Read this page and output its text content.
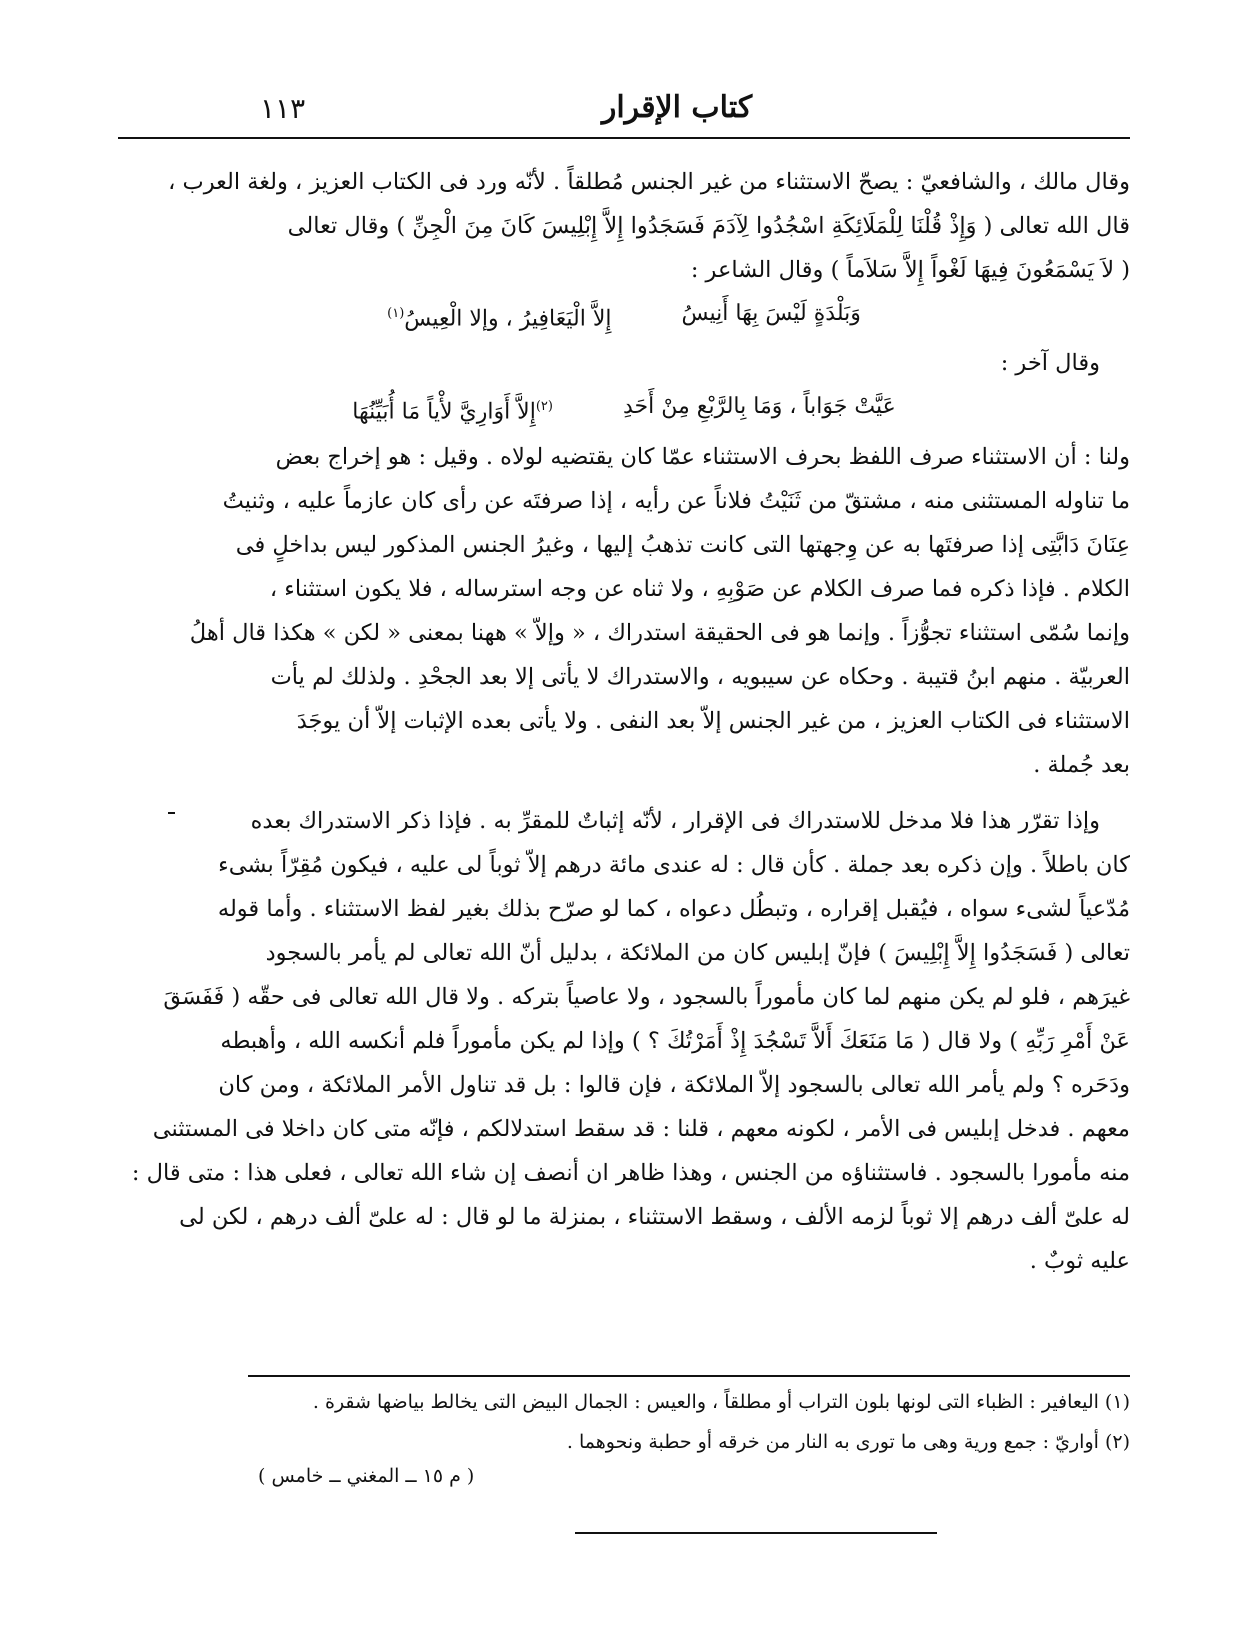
كتاب الإقرار
١١٣

وقال مالك ، والشافعيّ : يصحّ الاستثناء من غير الجنس مُطلقاً . لأنّه ورد فى الكتاب العزيز ، ولغة العرب ،

قال الله تعالى ( وَإِذْ قُلْنَا لِلْمَلَائِكَةِ اسْجُدُوا لِآدَمَ فَسَجَدُوا إِلاَّ إِبْلِيسَ كَانَ مِنَ الْجِنِّ ) وقال تعالى

( لاَ يَسْمَعُونَ فِيهَا لَغْواً إِلاَّ سَلاَماً ) وقال الشاعر :

وَبَلْدَةٍ لَيْسَ بِهَا أَنِيسُ
إِلاَّ الْيَعَافِيرُ ، وإلا الْعِيسُ$^{(١)}$

وقال آخر :

عَيَّتْ جَوَاباً ، وَمَا بِالرَّبْعِ مِنْ أَحَدِ
$^{(٢)}$إِلاَّ أَوَارِيَّ لأْياً مَا أُبَيِّنُهَا

ولنا : أن الاستثناء صرف اللفظ بحرف الاستثناء عمّا كان يقتضيه لولاه . وقيل : هو إخراج بعض

ما تناوله المستثنى منه ، مشتقّ من ثَنَيْتُ فلاناً عن رأيه ، إذا صرفتَه عن رأى كان عازماً عليه ، وثنيتُ

عِنَانَ دَابَّتِى إذا صرفتَها به عن وِجهتها التى كانت تذهبُ إليها ، وغيرُ الجنس المذكور ليس بداخلٍ فى

الكلام . فإذا ذكره فما صرف الكلام عن صَوْبِهِ ، ولا ثناه عن وجه استرساله ، فلا يكون استثناء ،

وإنما سُمّى استثناء تجوُّزاً . وإنما هو فى الحقيقة استدراك ، « وإلاّ » ههنا بمعنى « لكن » هكذا قال أهلُ

العربيّة . منهم ابنُ قتيبة . وحكاه عن سيبويه ، والاستدراك لا يأتى إلا بعد الجحْدِ . ولذلك لم يأت

الاستثناء فى الكتاب العزيز ، من غير الجنس إلاّ بعد النفى . ولا يأتى بعده الإثبات إلاّ أن يوجَدَ

بعد جُملة .

وإذا تقرّر هذا فلا مدخل للاستدراك فى الإقرار ، لأنّه إثباتٌ للمقرِّ به . فإذا ذكر الاستدراك بعده

كان باطلاً . وإن ذكره بعد جملة . كأن قال : له عندى مائة درهم إلاّ ثوباً لى عليه ، فيكون مُقِرّاً بشىء

مُدّعياً لشىء سواه ، فيُقبل إقراره ، وتبطُل دعواه ، كما لو صرّح بذلك بغير لفظ الاستثناء . وأما قوله

تعالى ( فَسَجَدُوا إِلاَّ إِبْلِيسَ ) فإنّ إبليس كان من الملائكة ، بدليل أنّ الله تعالى لم يأمر بالسجود

غيرَهم ، فلو لم يكن منهم لما كان مأموراً بالسجود ، ولا عاصياً بتركه . ولا قال الله تعالى فى حقّه ( فَفَسَقَ

عَنْ أَمْرِ رَبِّهِ ) ولا قال ( مَا مَنَعَكَ أَلاَّ تَسْجُدَ إِذْ أَمَرْتُكَ ؟ ) وإذا لم يكن مأموراً فلم أنكسه الله ، وأهبطه

ودَحَره ؟ ولم يأمر الله تعالى بالسجود إلاّ الملائكة ، فإن قالوا : بل قد تناول الأمر الملائكة ، ومن كان

معهم . فدخل إبليس فى الأمر ، لكونه معهم ، قلنا : قد سقط استدلالكم ، فإنّه متى كان داخلا فى المستثنى

منه مأمورا بالسجود . فاستثناؤه من الجنس ، وهذا ظاهر ان أنصف إن شاء الله تعالى ، فعلى هذا : متى قال :

له علىّ ألف درهم إلا ثوباً لزمه الألف ، وسقط الاستثناء ، بمنزلة ما لو قال : له علىّ ألف درهم ، لكن لى

عليه ثوبٌ .

(١) اليعافير : الظباء التى لونها بلون التراب أو مطلقاً ، والعيس : الجمال البيض التى يخالط بياضها شقرة .

(٢) أواريّ : جمع ورية وهى ما تورى به النار من خرقه أو حطبة ونحوهما .

( م ١٥ ــ المغني ــ خامس )
